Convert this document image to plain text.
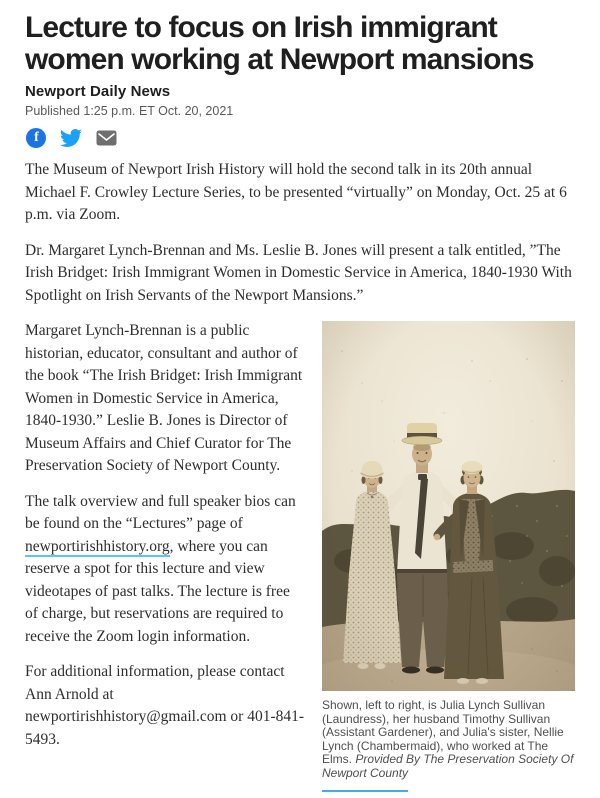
Lecture to focus on Irish immigrant women working at Newport mansions
Newport Daily News
Published 1:25 p.m. ET Oct. 20, 2021
f

The Museum of Newport Irish History will hold the second talk in its 20th annual Michael F. Crowley Lecture Series, to be presented “virtually” on Monday, Oct. 25 at 6 p.m. via Zoom.

Dr. Margaret Lynch-Brennan and Ms. Leslie B. Jones will present a talk entitled, ”The Irish Bridget: Irish Immigrant Women in Domestic Service in America, 1840-1930 With Spotlight on Irish Servants of the Newport Mansions.”

Shown, left to right, is Julia Lynch Sullivan (Laundress), her husband Timothy Sullivan (Assistant Gardener), and Julia's sister, Nellie Lynch (Chambermaid), who worked at The Elms. Provided By The Preservation Society Of Newport County

Margaret Lynch-Brennan is a public historian, educator, consultant and author of the book “The Irish Bridget: Irish Immigrant Women in Domestic Service in America, 1840-1930.” Leslie B. Jones is Director of Museum Affairs and Chief Curator for The Preservation Society of Newport County.

The talk overview and full speaker bios can be found on the “Lectures” page of newportirishhistory.org, where you can reserve a spot for this lecture and view videotapes of past talks. The lecture is free of charge, but reservations are required to receive the Zoom login information.

For additional information, please contact Ann Arnold at newportirishhistory@gmail.com or 401-841-5493.
